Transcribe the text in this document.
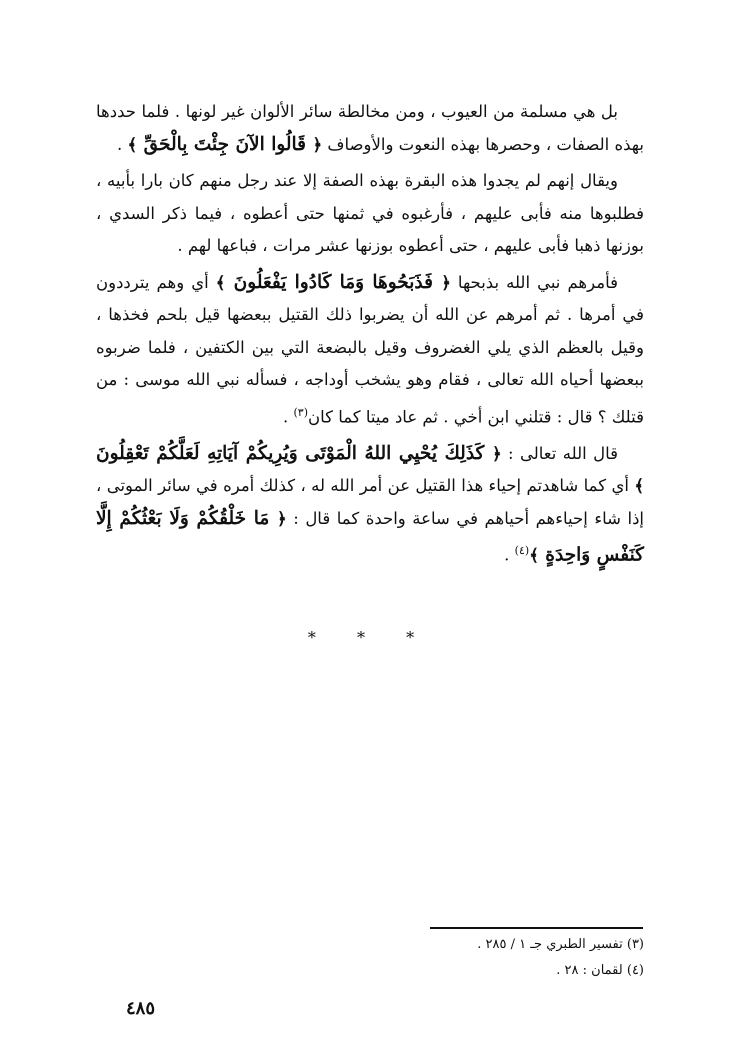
بل هي مسلمة من العيوب ، ومن مخالطة سائر الألوان غير لونها . فلما حددها بهذه الصفات ، وحصرها بهذه النعوت والأوصاف ﴿ قَالُوا الآنَ جِئْتَ بِالْحَقِّ ﴾ .

ويقال إنهم لم يجدوا هذه البقرة بهذه الصفة إلا عند رجل منهم كان بارا بأبيه ، فطلبوها منه فأبى عليهم ، فأرغبوه في ثمنها حتى أعطوه ، فيما ذكر السدي ، بوزنها ذهبا فأبى عليهم ، حتى أعطوه بوزنها عشر مرات ، فباعها لهم .

فأمرهم نبي الله بذبحها ﴿ فَذَبَحُوهَا وَمَا كَادُوا يَفْعَلُونَ ﴾ أي وهم يترددون في أمرها . ثم أمرهم عن الله أن يضربوا ذلك القتيل ببعضها قيل بلحم فخذها ، وقيل بالعظم الذي يلي الغضروف وقيل بالبضعة التي بين الكتفين ، فلما ضربوه ببعضها أحياه الله تعالى ، فقام وهو يشخب أوداجه ، فسأله نبي الله موسى : من قتلك ؟ قال : قتلني ابن أخي . ثم عاد ميتا كما كان$^{(٣)}$ .

قال الله تعالى : ﴿ كَذَلِكَ يُحْيِي اللهُ الْمَوْتَى وَيُرِيكُمْ آيَاتِهِ لَعَلَّكُمْ تَعْقِلُونَ ﴾ أي كما شاهدتم إحياء هذا القتيل عن أمر الله له ، كذلك أمره في سائر الموتى ، إذا شاء إحياءهم أحياهم في ساعة واحدة كما قال : ﴿ مَا خَلْقُكُمْ وَلَا بَعْثُكُمْ إِلَّا كَنَفْسٍ وَاحِدَةٍ ﴾$^{(٤)}$ .

* * *

(٣) تفسير الطبري جـ ١ / ٢٨٥ .

(٤) لقمان : ٢٨ .

٤٨٥
